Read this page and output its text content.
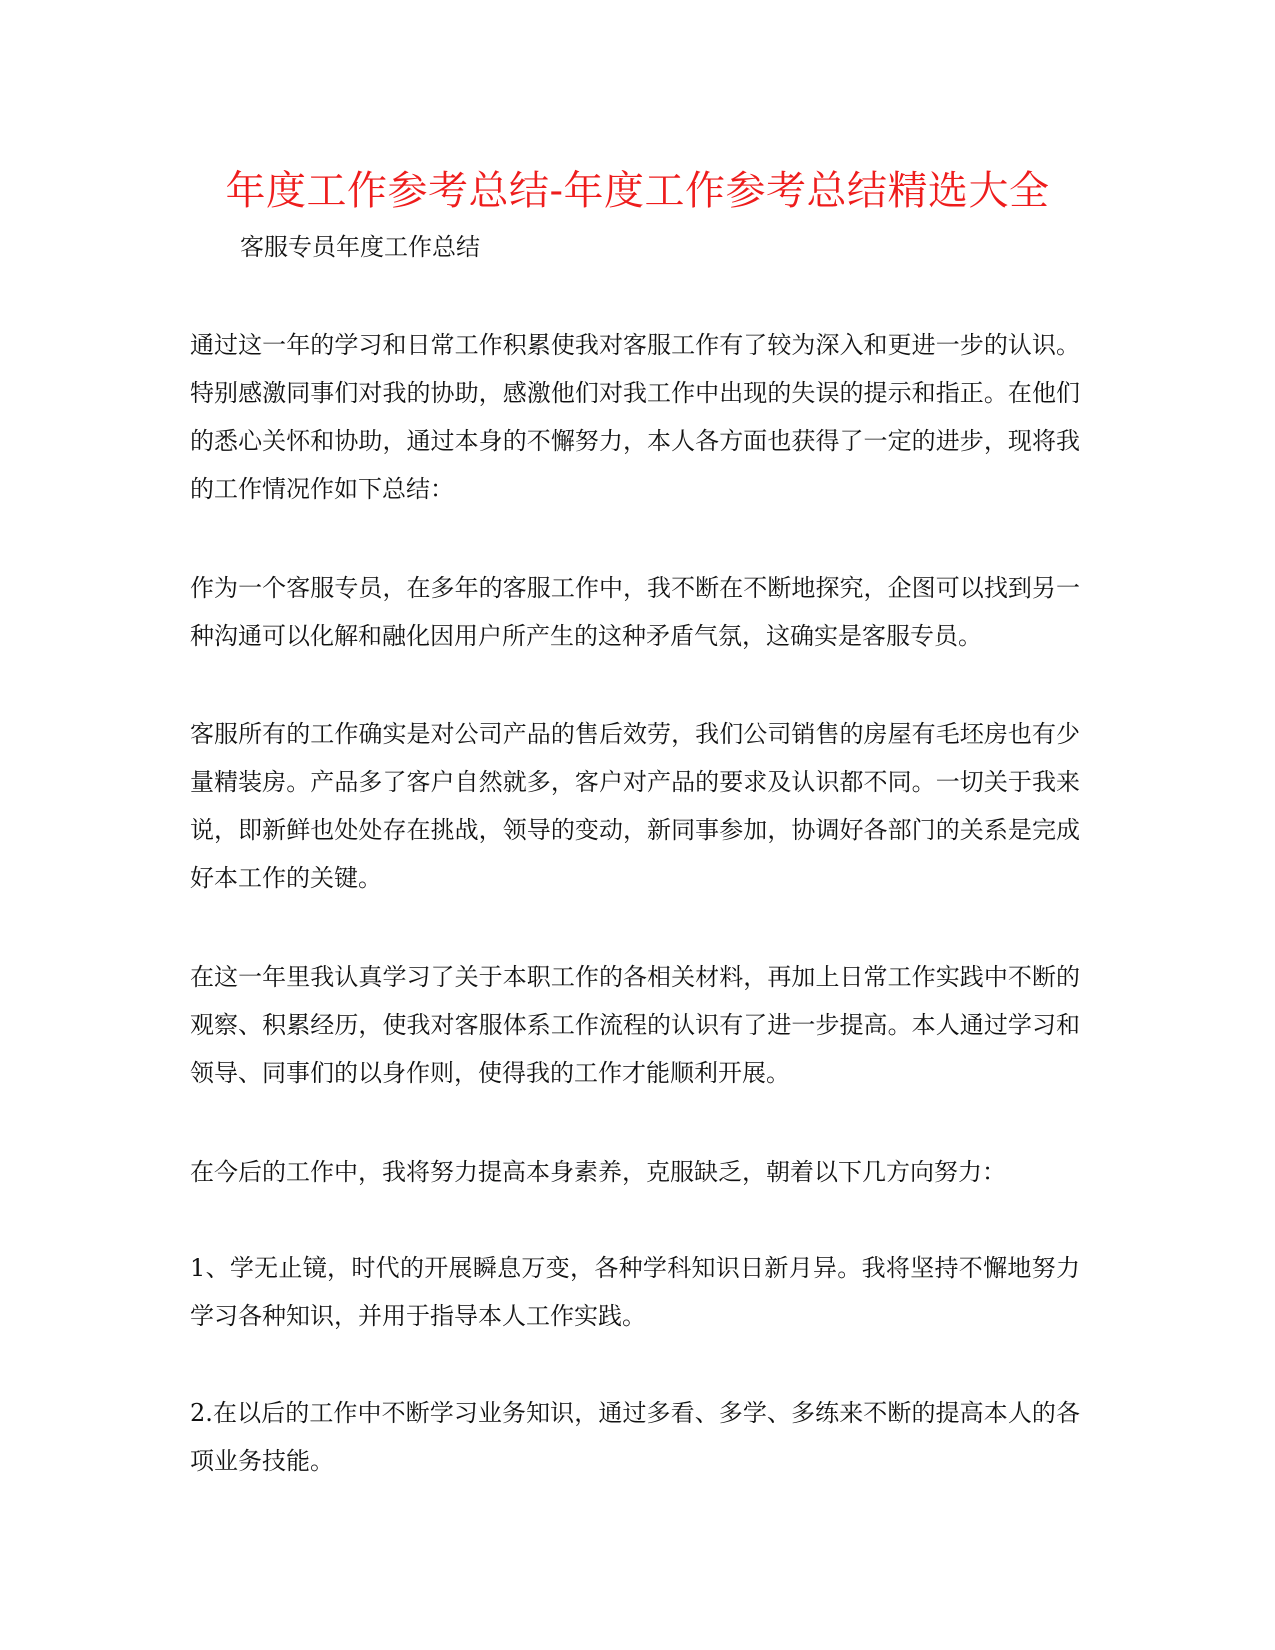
年度工作参考总结-年度工作参考总结精选大全

客服专员年度工作总结

通过这一年的学习和日常工作积累使我对客服工作有了较为深入和更进一步的认识。特别感激同事们对我的协助，感激他们对我工作中出现的失误的提示和指正。在他们的悉心关怀和协助，通过本身的不懈努力，本人各方面也获得了一定的进步，现将我的工作情况作如下总结：

作为一个客服专员，在多年的客服工作中，我不断在不断地探究，企图可以找到另一种沟通可以化解和融化因用户所产生的这种矛盾气氛，这确实是客服专员。

客服所有的工作确实是对公司产品的售后效劳，我们公司销售的房屋有毛坯房也有少量精装房。产品多了客户自然就多，客户对产品的要求及认识都不同。一切关于我来说，即新鲜也处处存在挑战，领导的变动，新同事参加，协调好各部门的关系是完成好本工作的关键。

在这一年里我认真学习了关于本职工作的各相关材料，再加上日常工作实践中不断的观察、积累经历，使我对客服体系工作流程的认识有了进一步提高。本人通过学习和领导、同事们的以身作则，使得我的工作才能顺利开展。

在今后的工作中，我将努力提高本身素养，克服缺乏，朝着以下几方向努力：

1、学无止镜，时代的开展瞬息万变，各种学科知识日新月异。我将坚持不懈地努力学习各种知识，并用于指导本人工作实践。

2.在以后的工作中不断学习业务知识，通过多看、多学、多练来不断的提高本人的各项业务技能。
